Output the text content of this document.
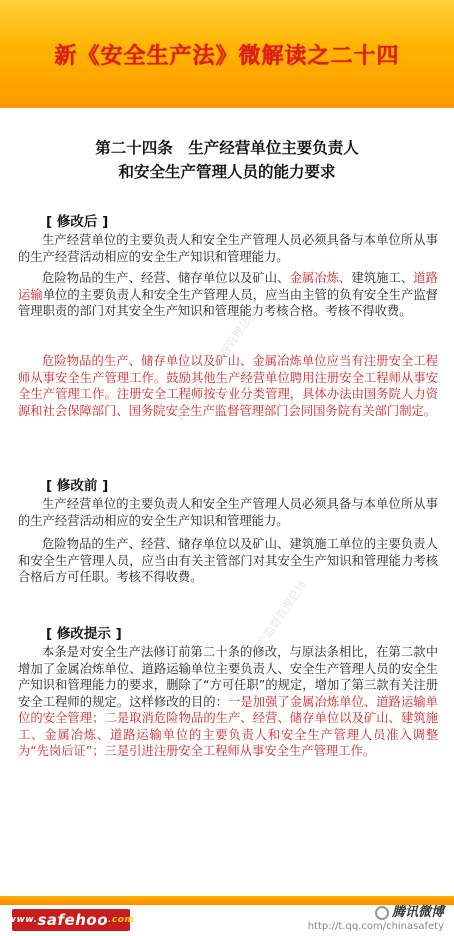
新《安全生产法》微解读之二十四
第二十四条　生产经营单位主要负责人
和安全生产管理人员的能力要求
[ 修改后 ]

生产经营单位的主要负责人和安全生产管理人员必须具备与本单位所从事的生产经营活动相应的安全生产知识和管理能力。

危险物品的生产、经营、储存单位以及矿山、金属冶炼、建筑施工、道路运输单位的主要负责人和安全生产管理人员，应当由主管的负有安全生产监督管理职责的部门对其安全生产知识和管理能力考核合格。考核不得收费。

危险物品的生产、储存单位以及矿山、金属冶炼单位应当有注册安全工程师从事安全生产管理工作。鼓励其他生产经营单位聘用注册安全工程师从事安全生产管理工作。注册安全工程师按专业分类管理，具体办法由国务院人力资源和社会保障部门、国务院安全生产监督管理部门会同国务院有关部门制定。

[ 修改前 ]

生产经营单位的主要负责人和安全生产管理人员必须具备与本单位所从事的生产经营活动相应的安全生产知识和管理能力。

危险物品的生产、经营、储存单位以及矿山、建筑施工单位的主要负责人和安全生产管理人员，应当由有关主管部门对其安全生产知识和管理能力考核合格后方可任职。考核不得收费。

[ 修改提示 ]

本条是对安全生产法修订前第二十条的修改，与原法条相比，在第二款中增加了金属冶炼单位、道路运输单位主要负责人、安全生产管理人员的安全生产知识和管理能力的要求，删除了“方可任职”的规定，增加了第三款有关注册安全工程师的规定。这样修改的目的：一是加强了金属冶炼单位、道路运输单位的安全管理；二是取消危险物品的生产、经营、储存单位以及矿山、建筑施工、金属冶炼、道路运输单位的主要负责人和安全生产管理人员准入调整为“先岗后证”；三是引进注册安全工程师从事安全生产管理工作。

国家安全生产监督管理总局
国家安全生产监督管理总局
www. safehoo .com	腾讯微博
http://t.qq.com/chinasafety
